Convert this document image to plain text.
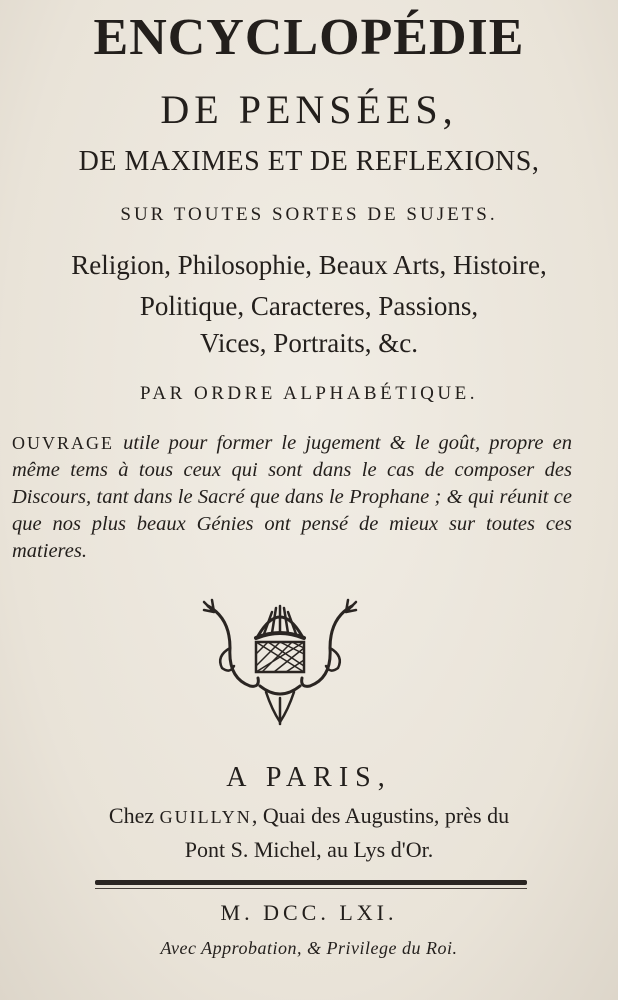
ENCYCLOPÉDIE
DE PENSÉES,
DE MAXIMES ET DE REFLEXIONS,
SUR TOUTES SORTES DE SUJETS.
Religion, Philosophie, Beaux Arts, Histoire,
Politique, Caracteres, Passions,
Vices, Portraits, &c.
PAR ORDRE ALPHABÉTIQUE.
OUVRAGE utile pour former le jugement & le goût, propre en même tems à tous ceux qui sont dans le cas de composer des Discours, tant dans le Sacré que dans le Prophane ; & qui réunit ce que nos plus beaux Génies ont pensé de mieux sur toutes ces matieres.
A PARIS,
Chez GUILLYN, Quai des Augustins, près du
Pont S. Michel, au Lys d'Or.
M. DCC. LXI.
Avec Approbation, & Privilege du Roi.
